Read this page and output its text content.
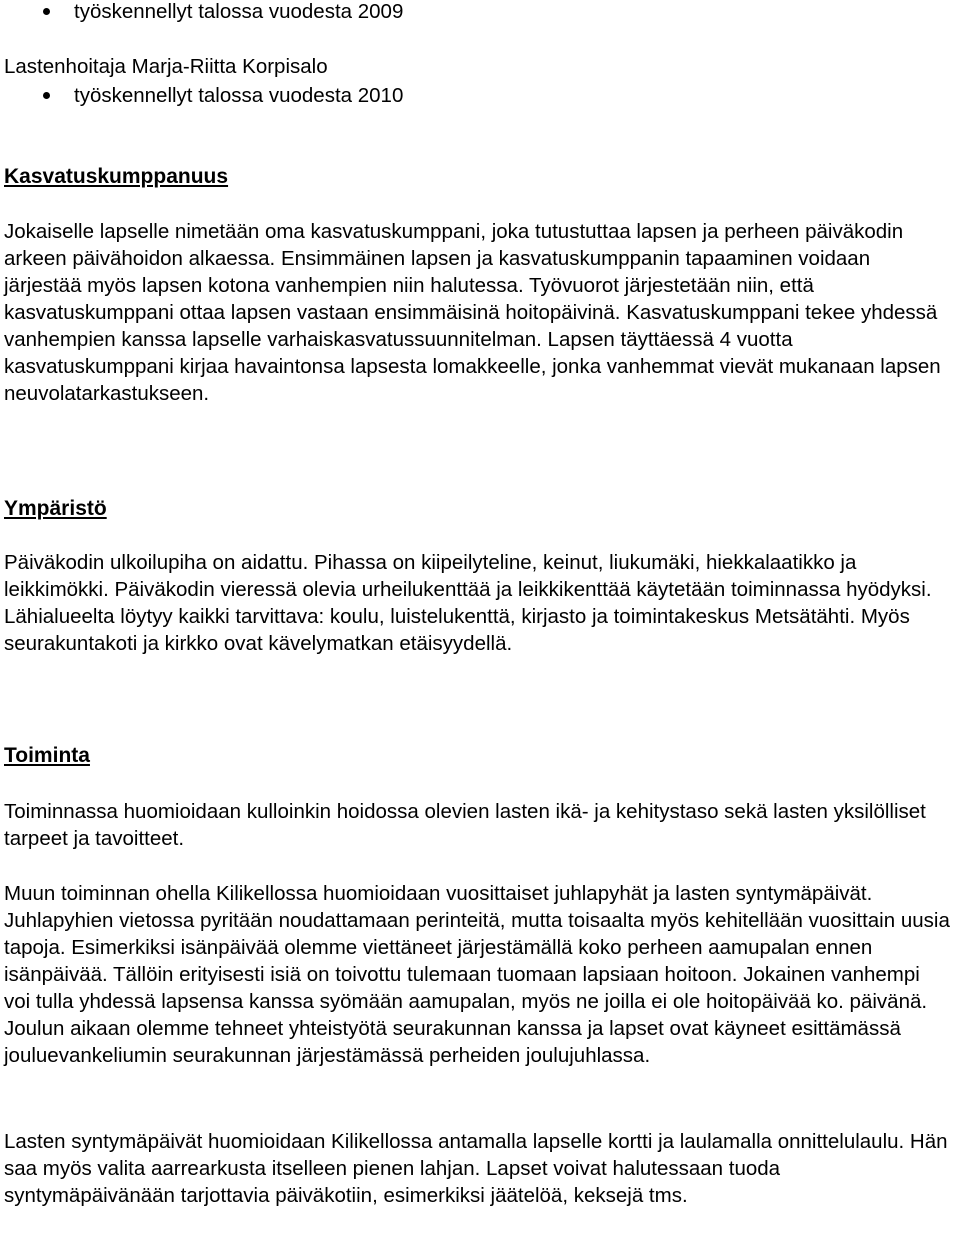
työskennellyt talossa vuodesta 2009

Lastenhoitaja Marja-Riitta Korpisalo

työskennellyt talossa vuodesta 2010
Kasvatuskumppanuus

Jokaiselle lapselle nimetään oma kasvatuskumppani, joka tutustuttaa lapsen ja perheen päiväkodin arkeen päivähoidon alkaessa. Ensimmäinen lapsen ja kasvatuskumppanin tapaaminen voidaan järjestää myös lapsen kotona vanhempien niin halutessa. Työvuorot järjestetään niin, että kasvatuskumppani ottaa lapsen vastaan ensimmäisinä hoitopäivinä. Kasvatuskumppani tekee yhdessä vanhempien kanssa lapselle varhaiskasvatussuunnitelman. Lapsen täyttäessä 4 vuotta kasvatuskumppani kirjaa havaintonsa lapsesta lomakkeelle, jonka vanhemmat vievät mukanaan lapsen neuvolatarkastukseen.

Ympäristö

Päiväkodin ulkoilupiha on aidattu. Pihassa on kiipeilyteline, keinut, liukumäki, hiekkalaatikko ja leikkimökki. Päiväkodin vieressä olevia urheilukenttää ja leikkikenttää käytetään toiminnassa hyödyksi. Lähialueelta löytyy kaikki tarvittava: koulu, luistelukenttä, kirjasto ja toimintakeskus Metsätähti. Myös seurakuntakoti ja kirkko ovat kävelymatkan etäisyydellä.

Toiminta

Toiminnassa huomioidaan kulloinkin hoidossa olevien lasten ikä- ja kehitystaso sekä lasten yksilölliset tarpeet ja tavoitteet.

Muun toiminnan ohella Kilikellossa huomioidaan vuosittaiset juhlapyhät ja lasten syntymäpäivät. Juhlapyhien vietossa pyritään noudattamaan perinteitä, mutta toisaalta myös kehitellään vuosittain uusia tapoja. Esimerkiksi isänpäivää olemme viettäneet järjestämällä koko perheen aamupalan ennen isänpäivää. Tällöin erityisesti isiä on toivottu tulemaan tuomaan lapsiaan hoitoon. Jokainen vanhempi voi tulla yhdessä lapsensa kanssa syömään aamupalan, myös ne joilla ei ole hoitopäivää ko. päivänä. Joulun aikaan olemme tehneet yhteistyötä seurakunnan kanssa ja lapset ovat käyneet esittämässä jouluevankeliumin seurakunnan järjestämässä perheiden joulujuhlassa.

Lasten syntymäpäivät huomioidaan Kilikellossa antamalla lapselle kortti ja laulamalla onnittelulaulu. Hän saa myös valita aarrearkusta itselleen pienen lahjan. Lapset voivat halutessaan tuoda syntymäpäivänään tarjottavia päiväkotiin, esimerkiksi jäätelöä, keksejä tms.
